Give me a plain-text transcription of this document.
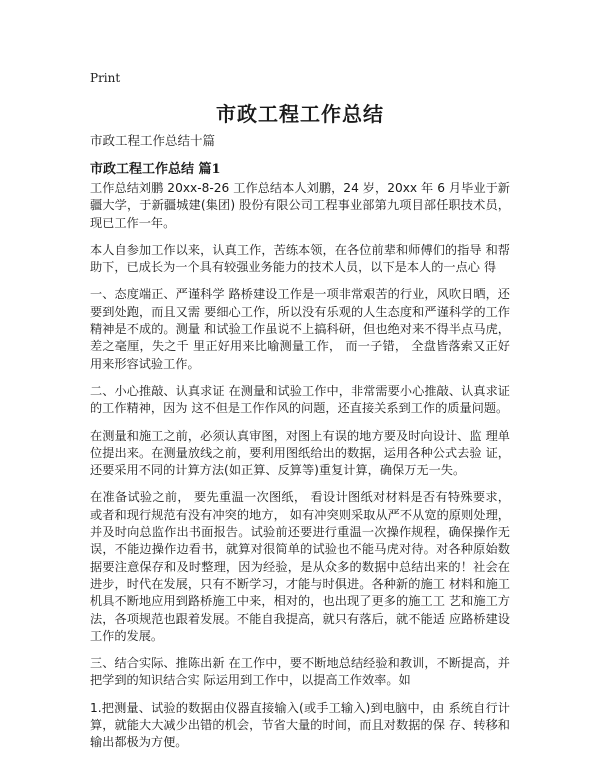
Print
市政工程工作总结
市政工程工作总结十篇
市政工程工作总结 篇1

工作总结刘鹏 20xx-8-26 工作总结本人刘鹏，24 岁，20xx 年 6 月毕业于新疆大学，于新疆城建(集团) 股份有限公司工程事业部第九项目部任职技术员，现已工作一年。

本人自参加工作以来，认真工作，苦练本领，在各位前辈和师傅们的指导 和帮助下，已成长为一个具有较强业务能力的技术人员，以下是本人的一点心 得

一、态度端正、严谨科学 路桥建设工作是一项非常艰苦的行业，风吹日晒，还要到处跑，而且又需 要细心工作，所以没有乐观的人生态度和严谨科学的工作精神是不成的。测量 和试验工作虽说不上搞科研，但也绝对来不得半点马虎，差之毫厘，失之千 里正好用来比喻测量工作， 而一子错， 全盘皆落索又正好用来形容试验工作。

二、小心推敲、认真求证 在测量和试验工作中，非常需要小心推敲、认真求证的工作精神，因为 这不但是工作作风的问题，还直接关系到工作的质量问题。

在测量和施工之前，必须认真审图，对图上有误的地方要及时向设计、监 理单位提出来。在测量放线之前，要利用图纸给出的数据，运用各种公式去验 证，还要采用不同的计算方法(如正算、反算等)重复计算，确保万无一失。

在准备试验之前， 要先重温一次图纸， 看设计图纸对材料是否有特殊要求， 或者和现行规范有没有冲突的地方， 如有冲突则采取从严不从宽的原则处理，并及时向总监作出书面报告。试验前还要进行重温一次操作规程，确保操作无 误，不能边操作边看书，就算对很简单的试验也不能马虎对待。对各种原始数 据要注意保存和及时整理，因为经验，是从众多的数据中总结出来的！社会在进步，时代在发展，只有不断学习，才能与时俱进。各种新的施工 材料和施工机具不断地应用到路桥施工中来，相对的，也出现了更多的施工工 艺和施工方法，各项规范也跟着发展。不能自我提高，就只有落后，就不能适 应路桥建设工作的发展。

三、结合实际、推陈出新 在工作中，要不断地总结经验和教训，不断提高，并把学到的知识结合实 际运用到工作中，以提高工作效率。如

1.把测量、试验的数据由仪器直接输入(或手工输入)到电脑中，由 系统自行计算，就能大大减少出错的机会，节省大量的时间，而且对数据的保 存、转移和输出都极为方便。
